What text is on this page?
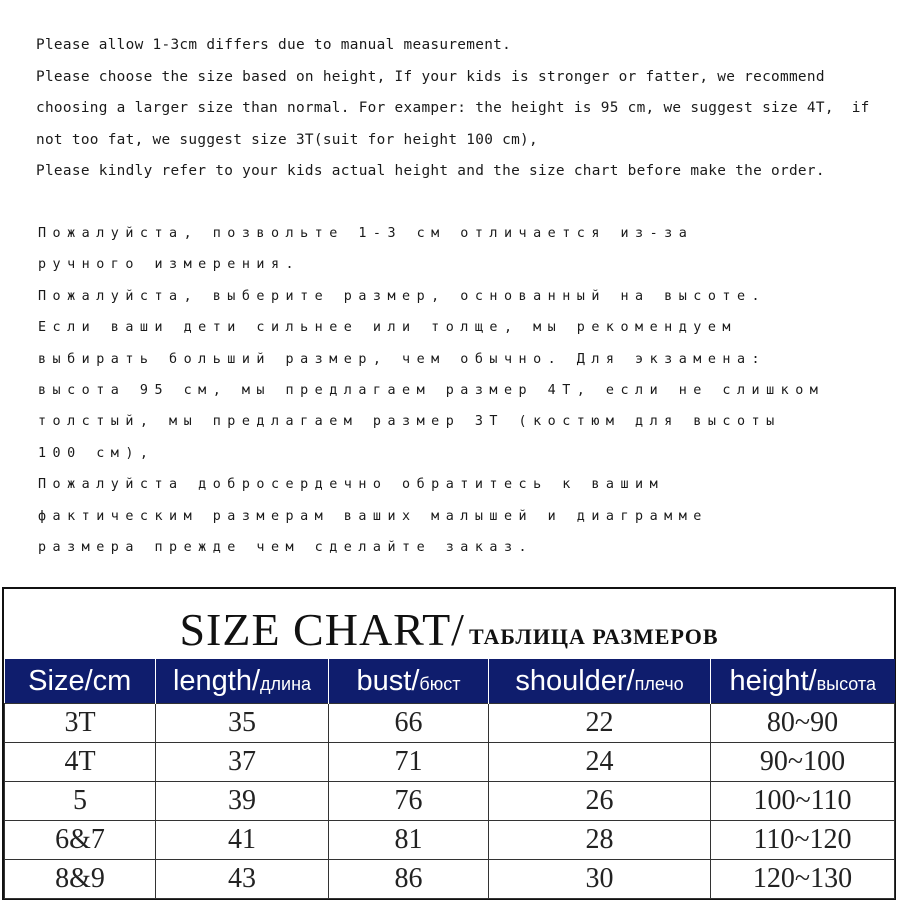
Please allow 1-3cm differs due to manual measurement.

Please choose the size based on height, If your kids is stronger or fatter, we recommend

choosing a larger size than normal. For examper: the height is 95 cm, we suggest size 4T,  if

not too fat, we suggest size 3T(suit for height 100 cm),

Please kindly refer to your kids actual height and the size chart before make the order.

Пожалуйста, позвольте 1-3 см отличается из-за

ручного измерения.

Пожалуйста, выберите размер, основанный на высоте.

Если ваши дети сильнее или толще, мы рекомендуем

выбирать больший размер, чем обычно. Для экзамена:

высота 95 см, мы предлагаем размер 4T, если не слишком

толстый, мы предлагаем размер 3T (костюм для высоты

100 см),

Пожалуйста добросердечно обратитесь к вашим

фактическим размерам ваших малышей и диаграмме

размера прежде чем сделайте заказ.

SIZE CHART/ ТАБЛИЦА РАЗМЕРОВ
Size/cm	length/длина	bust/бюст	shoulder/плечо	height/высота
3T	35	66	22	80~90
4T	37	71	24	90~100
5	39	76	26	100~110
6&7	41	81	28	110~120
8&9	43	86	30	120~130
